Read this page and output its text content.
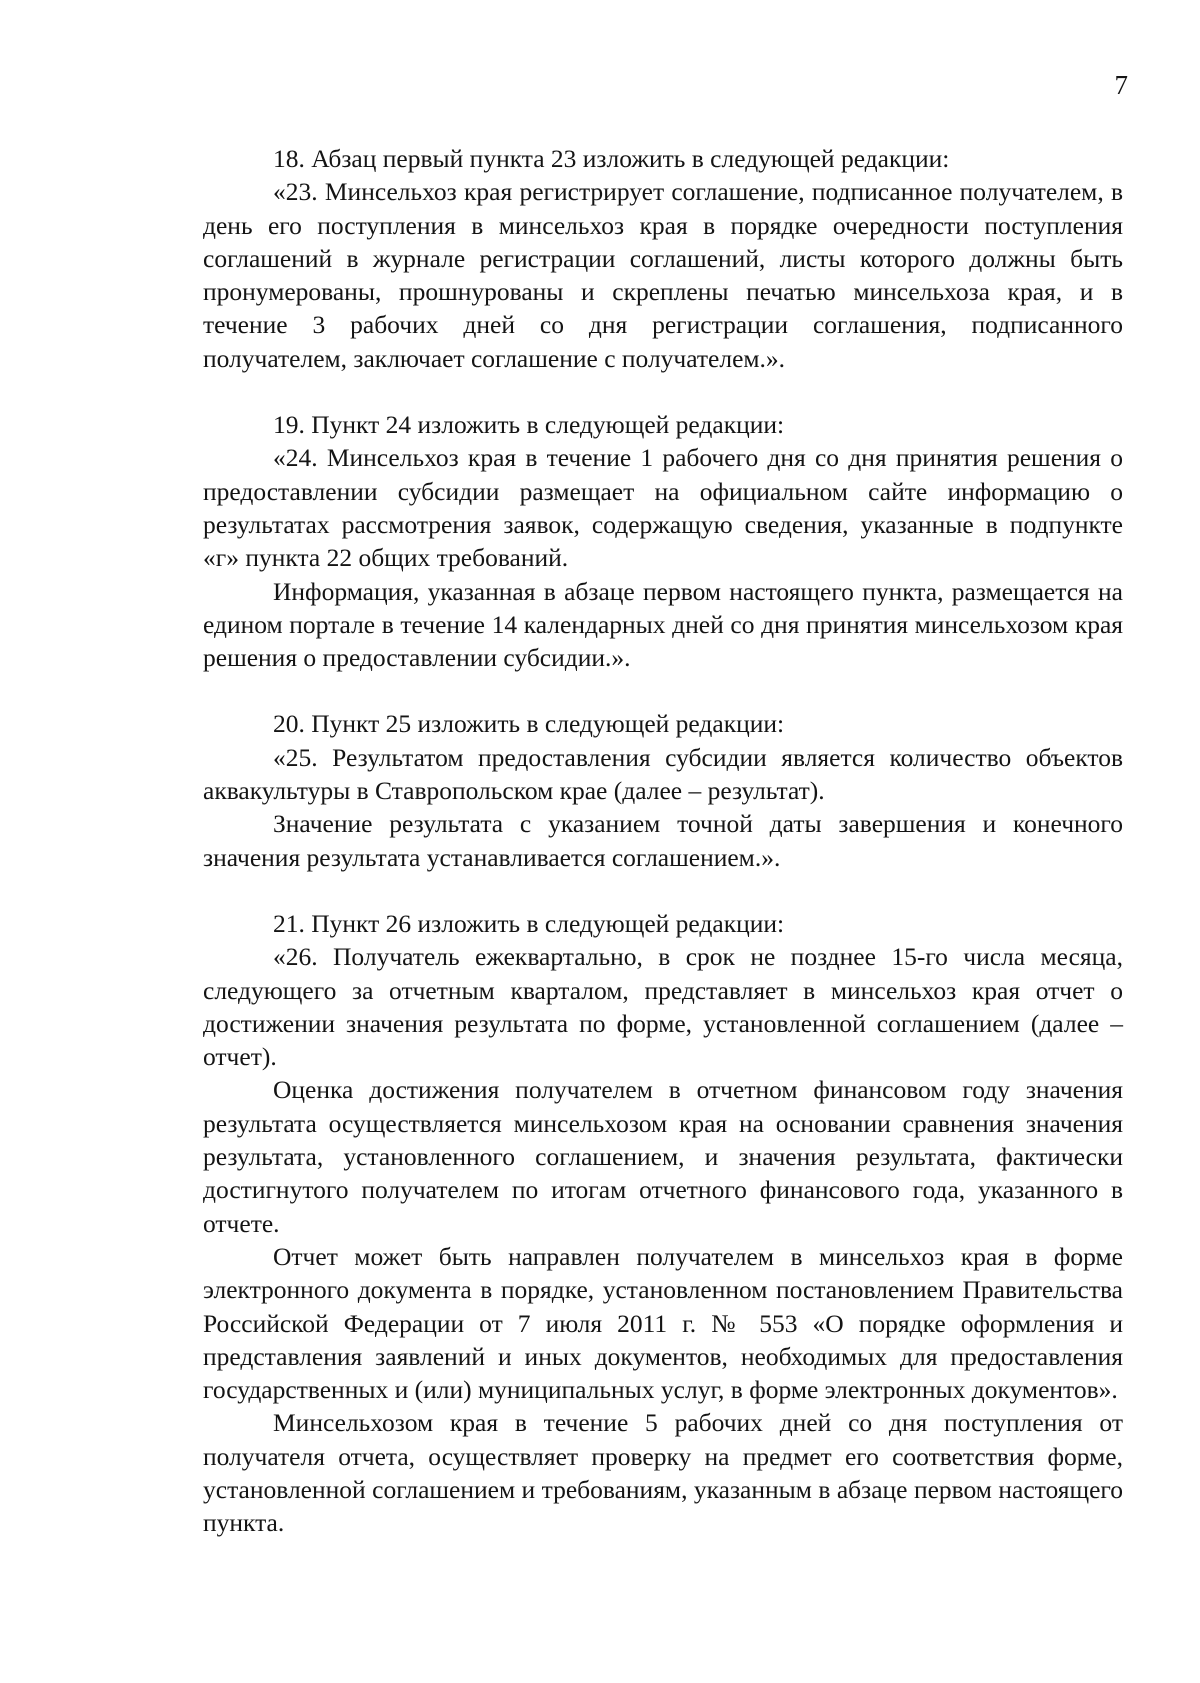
7

18. Абзац первый пункта 23 изложить в следующей редакции:

«23. Минсельхоз края регистрирует соглашение, подписанное получателем, в день его поступления в минсельхоз края в порядке очередности поступления соглашений в журнале регистрации соглашений, листы которого должны быть пронумерованы, прошнурованы и скреплены печатью минсельхоза края, и в течение 3 рабочих дней со дня регистрации соглашения, подписанного получателем, заключает соглашение с получателем.».

19. Пункт 24 изложить в следующей редакции:

«24. Минсельхоз края в течение 1 рабочего дня со дня принятия решения о предоставлении субсидии размещает на официальном сайте информацию о результатах рассмотрения заявок, содержащую сведения, указанные в подпункте «г» пункта 22 общих требований.

Информация, указанная в абзаце первом настоящего пункта, размещается на едином портале в течение 14 календарных дней со дня принятия минсельхозом края решения о предоставлении субсидии.».

20. Пункт 25 изложить в следующей редакции:

«25. Результатом предоставления субсидии является количество объектов аквакультуры в Ставропольском крае (далее – результат).

Значение результата с указанием точной даты завершения и конечного значения результата устанавливается соглашением.».

21. Пункт 26 изложить в следующей редакции:

«26. Получатель ежеквартально, в срок не позднее 15-го числа месяца, следующего за отчетным кварталом, представляет в минсельхоз края отчет о достижении значения результата по форме, установленной соглашением (далее – отчет).

Оценка достижения получателем в отчетном финансовом году значения результата осуществляется минсельхозом края на основании сравнения значения результата, установленного соглашением, и значения результата, фактически достигнутого получателем по итогам отчетного финансового года, указанного в отчете.

Отчет может быть направлен получателем в минсельхоз края в форме электронного документа в порядке, установленном постановлением Правительства Российской Федерации от 7 июля 2011 г. № 553 «О порядке оформления и представления заявлений и иных документов, необходимых для предоставления государственных и (или) муниципальных услуг, в форме электронных документов».

Минсельхозом края в течение 5 рабочих дней со дня поступления от получателя отчета, осуществляет проверку на предмет его соответствия форме, установленной соглашением и требованиям, указанным в абзаце первом настоящего пункта.
